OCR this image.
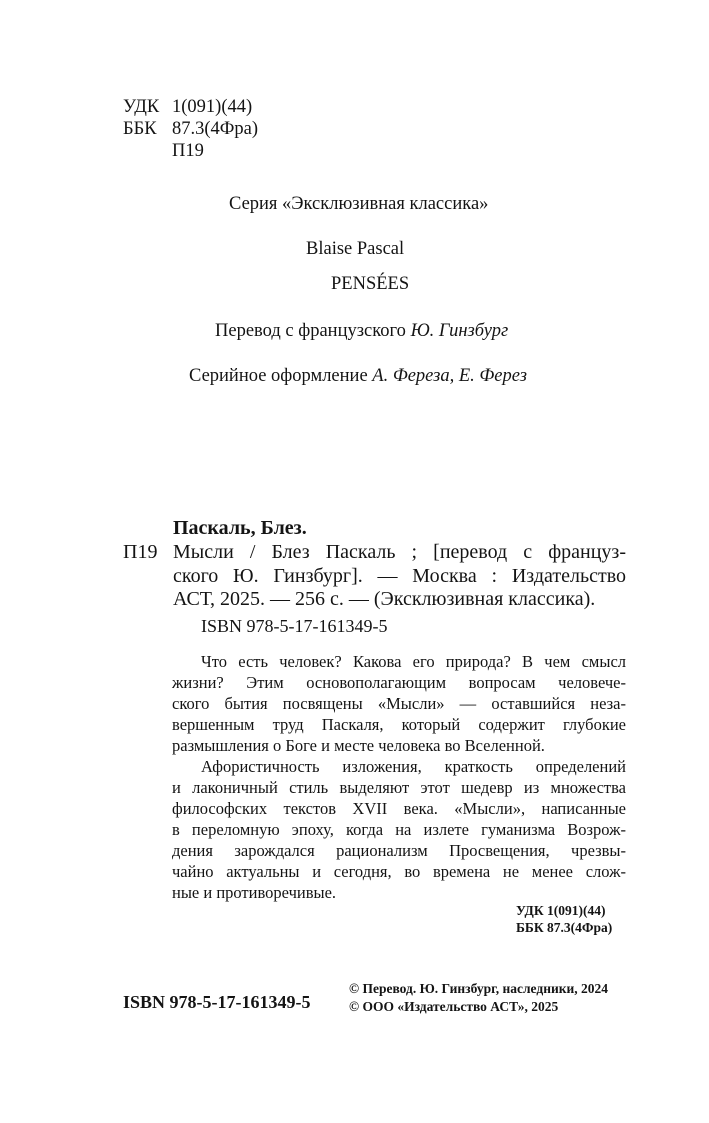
УДК 1(091)(44)
ББК 87.3(4Фра)
П19
Серия «Эксклюзивная классика»
Blaise Pascal
PENSÉES
Перевод с французского Ю. Гинзбург
Серийное оформление А. Фереза, Е. Ферез
Паскаль, Блез.
П19 Мысли / Блез Паскаль ; [перевод с француз-
ского Ю. Гинзбург]. — Москва : Издательство
АСТ, 2025. — 256 с. — (Эксклюзивная классика).
ISBN 978-5-17-161349-5
Что есть человек? Какова его природа? В чем смысл
жизни? Этим основополагающим вопросам человече-
ского бытия посвящены «Мысли» — оставшийся неза-
вершенным труд Паскаля, который содержит глубокие
размышления о Боге и месте человека во Вселенной.
Афористичность изложения, краткость определений
и лаконичный стиль выделяют этот шедевр из множества
философских текстов XVII века. «Мысли», написанные
в переломную эпоху, когда на излете гуманизма Возрож-
дения зарождался рационализм Просвещения, чрезвы-
чайно актуальны и сегодня, во времена не менее слож-
ные и противоречивые.
УДК 1(091)(44)
ББК 87.3(4Фра)
ISBN 978-5-17-161349-5
© Перевод. Ю. Гинзбург, наследники, 2024
© ООО «Издательство АСТ», 2025
